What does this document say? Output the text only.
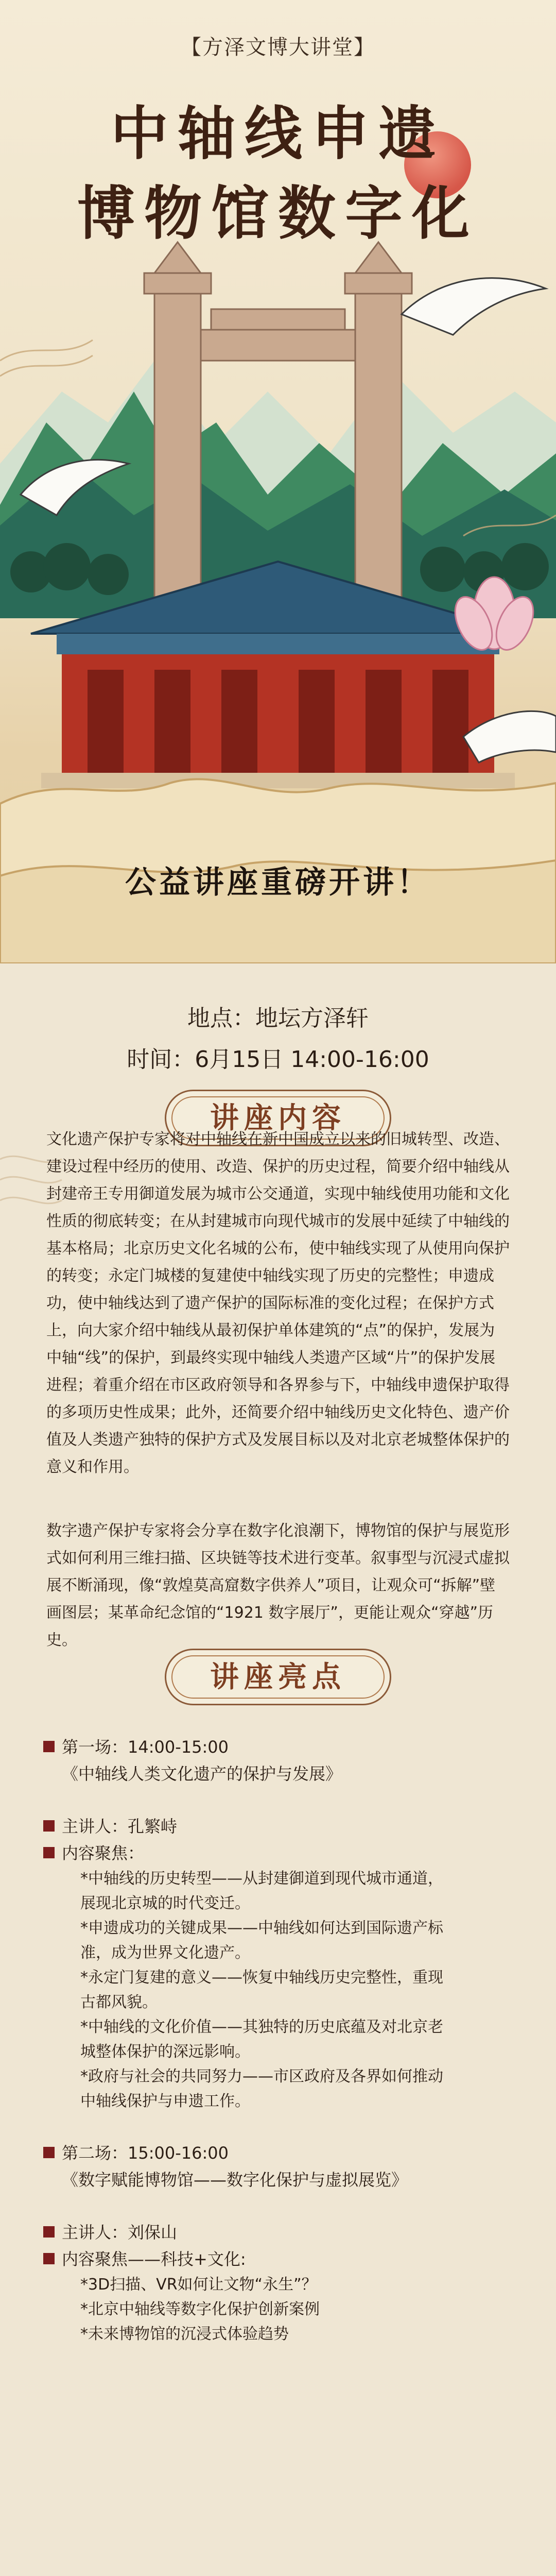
【方泽文博大讲堂】
中轴线申遗
博物馆数字化
公益讲座重磅开讲！
地点：地坛方泽轩
时间：6月15日 14:00-16:00
讲座内容
文化遗产保护专家将对中轴线在新中国成立以来的旧城转型、改造、建设过程中经历的使用、改造、保护的历史过程，简要介绍中轴线从封建帝王专用御道发展为城市公交通道，实现中轴线使用功能和文化性质的彻底转变；在从封建城市向现代城市的发展中延续了中轴线的基本格局；北京历史文化名城的公布，使中轴线实现了从使用向保护的转变；永定门城楼的复建使中轴线实现了历史的完整性；申遗成功，使中轴线达到了遗产保护的国际标准的变化过程；在保护方式上，向大家介绍中轴线从最初保护单体建筑的“点”的保护，发展为中轴“线”的保护，到最终实现中轴线人类遗产区域“片”的保护发展进程；着重介绍在市区政府领导和各界参与下，中轴线申遗保护取得的多项历史性成果；此外，还简要介绍中轴线历史文化特色、遗产价值及人类遗产独特的保护方式及发展目标以及对北京老城整体保护的意义和作用。
数字遗产保护专家将会分享在数字化浪潮下，博物馆的保护与展览形式如何利用三维扫描、区块链等技术进行变革。叙事型与沉浸式虚拟展不断涌现，像“敦煌莫高窟数字供养人”项目，让观众可“拆解”壁画图层；某革命纪念馆的“1921 数字展厅”，更能让观众“穿越”历史。
讲座亮点
第一场：14:00-15:00
《中轴线人类文化遗产的保护与发展》
主讲人：孔繁峙
内容聚焦：
*中轴线的历史转型——从封建御道到现代城市通道，
展现北京城的时代变迁。
*申遗成功的关键成果——中轴线如何达到国际遗产标
准，成为世界文化遗产。
*永定门复建的意义——恢复中轴线历史完整性，重现
古都风貌。
*中轴线的文化价值——其独特的历史底蕴及对北京老
城整体保护的深远影响。
*政府与社会的共同努力——市区政府及各界如何推动
中轴线保护与申遗工作。
第二场：15:00-16:00
《数字赋能博物馆——数字化保护与虚拟展览》
主讲人：刘保山
内容聚焦——科技+文化:
*3D扫描、VR如何让文物“永生”？
*北京中轴线等数字化保护创新案例
*未来博物馆的沉浸式体验趋势
